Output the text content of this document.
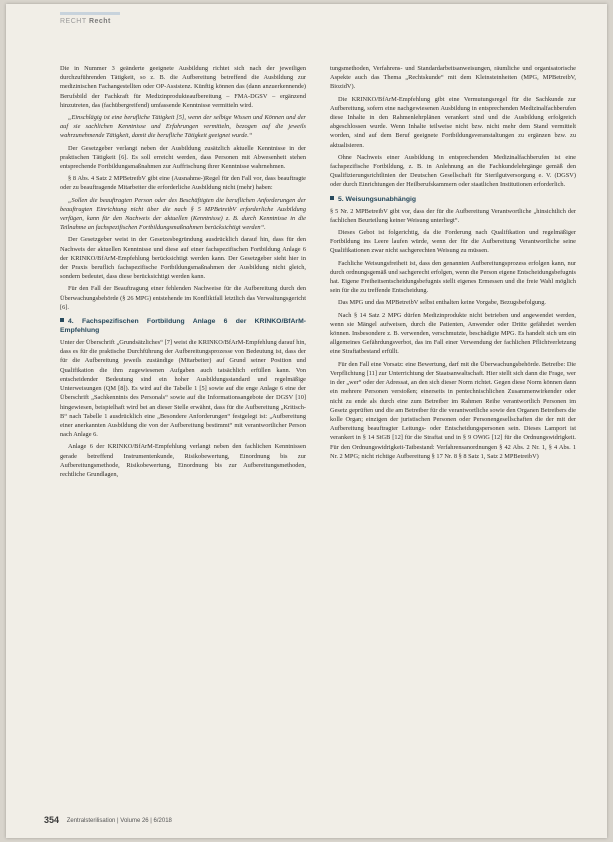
RECHT Recht

Die in Nummer 3 geänderte geeignete Ausbildung richtet sich nach der jeweiligen durchzuführenden Tätigkeit, so z. B. die Aufbereitung betreffend die Ausbildung zur medizinischen Fachangestellten oder OP-Assistenz. Künftig können das (dann anzuerkennende) Berufsbild der Fachkraft für Medizinprodukteaufbereitung – FMA-DGSV – ergänzend hinzutreten, das (fachübergreifend) umfassende Kenntnisse vermitteln wird.

„Einschlägig ist eine berufliche Tätigkeit [5], wenn der selbige Wissen und Können und der auf sie sachlichen Kenntnisse und Erfahrungen vermitteln, bezogen auf die jeweils wahrzunehmende Tätigkeit, damit die berufliche Tätigkeit geeignet wurde.“

Der Gesetzgeber verlangt neben der Ausbildung zusätzlich aktuelle Kenntnisse in der praktischen Tätigkeit [6]. Es soll erreicht werden, dass Personen mit Abwesenheit stehen entsprechende Fortbildungsmaßnahmen zur Auffrischung ihrer Kenntnisse wahrnehmen.

§ 8 Abs. 4 Satz 2 MPBetreibV gibt eine (Ausnahme-)Regel für den Fall vor, dass beauftragte oder zu beauftragende Mitarbeiter die erforderliche Ausbildung nicht (mehr) haben:

„Sollen die beauftragten Person oder des Beschäftigten die beruflichen Anforderungen der beauftragten Einrichtung nicht über die nach § 5 MPBetreibV erforderliche Ausbildung verfügen, kann für den Nachweis der aktuellen (Kenntnisse) z. B. durch Kenntnisse in die Teilnahme an fachspezifischen Fortbildungsmaßnahmen berücksichtigt werden“.

Der Gesetzgeber weist in der Gesetzesbegründung ausdrücklich darauf hin, dass für den Nachweis der aktuellen Kenntnisse und diese auf einer fachspezifischen Fortbildung Anlage 6 der KRINKO/BfArM-Empfehlung berücksichtigt werden kann. Der Gesetzgeber sieht hier in der Praxis beruflich fachspezifische Fortbildungsmaßnahmen der Ausbildung nicht gleich, sondern bedeutet, dass diese berücksichtigt werden kann.

Für den Fall der Beauftragung einer fehlenden Nachweise für die Aufbereitung durch den Überwachungsbehörde (§ 26 MPG) entstehende im Konfliktfall letztlich das Verwaltungsgericht [6].

4. Fachspezifischen Fortbildung Anlage 6 der KRINKO/BfArM-Empfehlung

Unter der Überschrift „Grundsätzliches“ [7] weist die KRINKO/BfArM-Empfehlung darauf hin, dass es für die praktische Durchführung der Aufbereitungsprozesse von Bedeutung ist, dass der für die Aufbereitung jeweils zuständige (Mitarbeiter) auf Grund seiner Position und Qualifikation die ihm zugewiesenen Aufgaben auch tatsächlich erfüllen kann. Von entscheidender Bedeutung sind ein hoher Ausbildungsstandard und regelmäßige Unterweisungen (QM [8]). Es wird auf die Tabelle 1 [5] sowie auf die enge Anlage 6 eine der Überschrift „Sachkenntnis des Personals“ sowie auf die Informationsangebote der DGSV [10] hingewiesen, beispielhaft wird bei an dieser Stelle erwähnt, dass für die Aufbereitung „Kritisch-B“ nach Tabelle 1 ausdrücklich eine „Besondere Anforderungen“ festgelegt ist: „Aufbereitung einer anerkannten Ausbildung die von der Aufbereitung bestimmt“ mit verantwortlicher Person nach Anlage 6.

Anlage 6 der KRINKO/BfArM-Empfehlung verlangt neben den fachlichen Kenntnissen gerade betreffend Instrumentenkunde, Risikobewertung, Einordnung bis zur Aufbereitungsmethode, Risikobewertung, Einordnung bis zur Aufbereitungsmethoden, rechtliche Grundlagen,

tungsmethoden, Verfahrens- und Standardarbeitsanweisungen, räumliche und organisatorische Aspekte auch das Thema „Rechtskunde“ mit dem Kleinsteinheiten (MPG, MPBetreibV, BiozidV).

Die KRINKO/BfArM-Empfehlung gibt eine Vermutungsregel für die Sachkunde zur Aufbereitung, sofern eine nachgewiesenen Ausbildung in entsprechenden Medizinalfachberufen diese Inhalte in den Rahmenlehrplänen verankert sind und die Ausbildung erfolgreich abgeschlossen wurde. Wenn Inhalte teilweise nicht bzw. nicht mehr dem Stand vermittelt worden, sind auf dem Beruf geeignete Fortbildungsveranstaltungen zu ergänzen bzw. zu aktualisieren.

Ohne Nachweis einer Ausbildung in entsprechenden Medizinalfachberufen ist eine fachspezifische Fortbildung, z. B. in Anlehnung an die Fachkundelehrgänge gemäß den Qualifizierungsrichtlinien der Deutschen Gesellschaft für Sterilgutversorgung e. V. (DGSV) oder durch Einrichtungen der Heilberufskammern oder staatlichen Institutionen erforderlich.

5. Weisungsunabhängig

§ 5 Nr. 2 MPBetreibV gibt vor, dass der für die Aufbereitung Verantwortliche „hinsichtlich der fachlichen Beurteilung keiner Weisung unterliegt“.

Dieses Gebot ist folgerichtig, da die Forderung nach Qualifikation und regelmäßiger Fortbildung ins Leere laufen würde, wenn der für die Aufbereitung Verantwortliche seine Qualifikationen zwar nicht sachgerechten Weisung zu müssen.

Fachliche Weisungsfreiheit ist, dass den genannten Aufbereitungsprozess erfolgen kann, nur durch ordnungsgemäß und sachgerecht erfolgen, wenn die Person eigene Entscheidungsbefugnis hat. Eigene Freiheitsentscheidungsbefugnis stellt eigenes Ermessen und die freie Wahl möglich sein für die zu treffende Entscheidung.

Das MPG und das MPBetreibV selbst enthalten keine Vorgabe, Bezugsbefolgung.

Nach § 14 Satz 2 MPG dürfen Medizinprodukte nicht betrieben und angewendet werden, wenn sie Mängel aufweisen, durch die Patienten, Anwender oder Dritte gefährdet werden können. Insbesondere z. B. verwenden, verschmutzte, beschädigte MPG. Es handelt sich um ein allgemeines Gefährdungsverbot, das im Fall einer Verwendung der fachlichen Pflichtverletzung eine Straftatbestand erfüllt.

Für den Fall eine Vorsatz: eine Bewertung, darf mit die Überwachungsbehörde. Betreibe: Die Verpflichtung [11] zur Unterrichtung der Staatsanwaltschaft. Hier stellt sich dann die Frage, wer in der „wer“ oder der Adressat, an den sich dieser Norm richtet. Gegen diese Norm können dann ein mehrere Personen verstoßen; einerseits in pentechnischlichen Zusammenwirkender oder nicht zu ende als durch eine zum Betreiber im Rahmen Reihe verantwortlich Personen im Gesetz geprüften und die am Betreiber für die verantwortliche sowie den Organen Betreibers die kolle Organ; einzigen der juristischen Personen oder Personengesellschaften die der mit der Aufbereitung beauftragter Leitungs- oder Entscheidungspersonen sein. Dieses Lamport ist verankert in § 14 StGB [12] für die Straftat und in § 9 OWiG [12] für die Ordnungswidrigkeit. Für den Ordnungswidrigkeit-Tatbestand: Verfahrensanordnungen § 42 Abs. 2 Nr. 1, § 4 Abs. 1 Nr. 2 MPG; nicht richtige Aufbereitung § 17 Nr. 8 § 8 Satz 1, Satz 2 MPBetreibV)

354 Zentralsterilisation | Volume 26 | 6/2018
